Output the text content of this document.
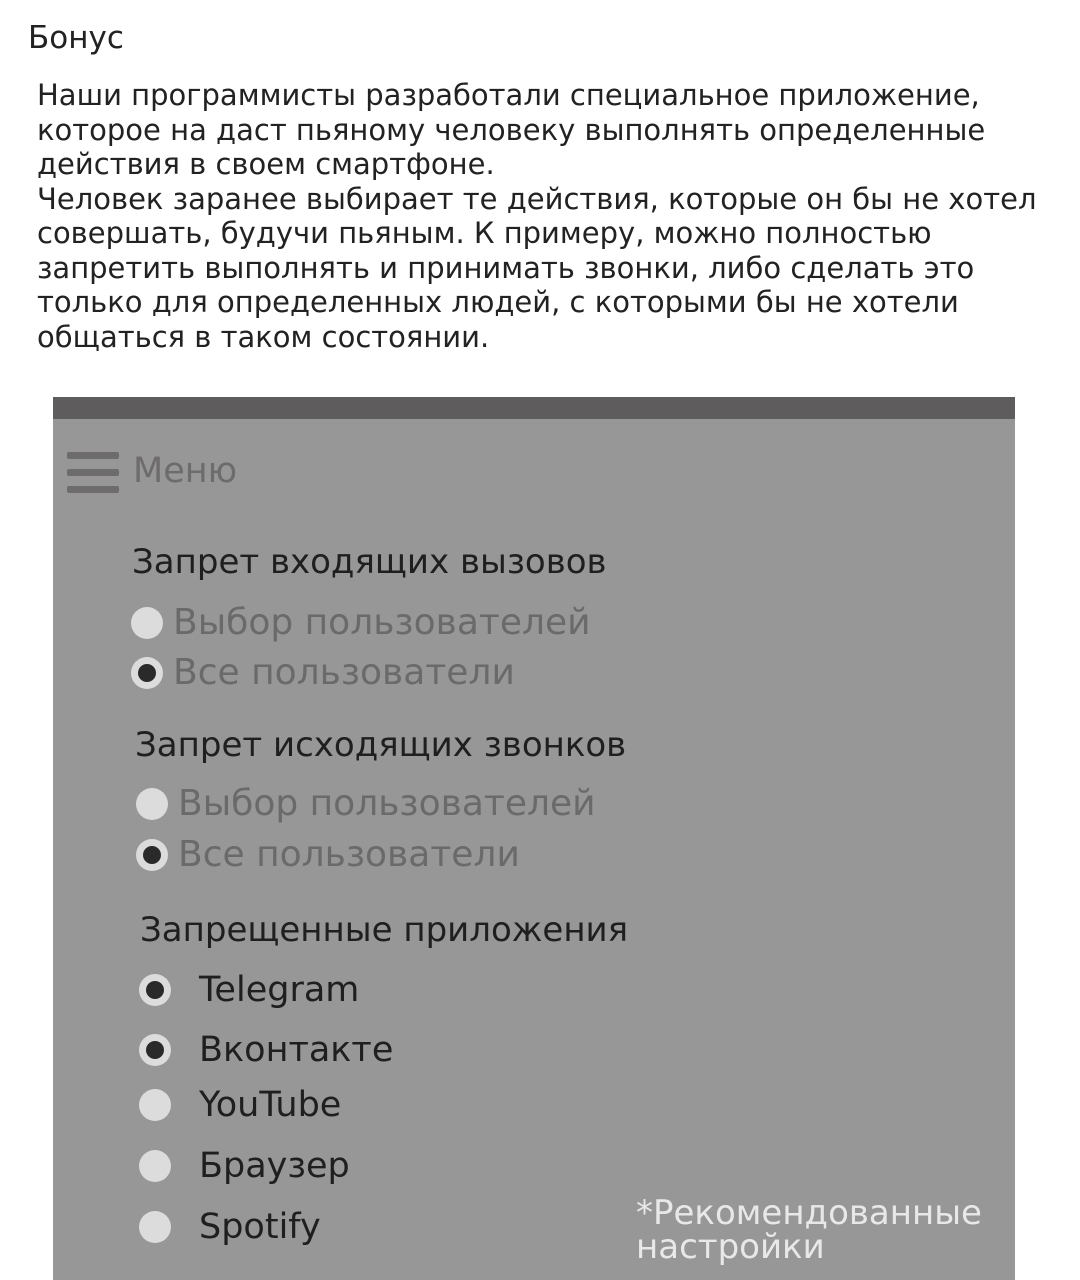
Бонус

Наши программисты разработали специальное приложение, которое на даст пьяному человеку выполнять определенные действия в своем смартфоне.

Человек заранее выбирает те действия, которые он бы не хотел совершать, будучи пьяным. К примеру, можно полностью запретить выполнять и принимать звонки, либо сделать это только для определенных людей, с которыми бы не хотели общаться в таком состоянии.

Меню
Запрет входящих вызовов
Выбор пользователей
Все пользователи
Запрет исходящих звонков
Выбор пользователей
Все пользователи
Запрещенные приложения
Telegram
Вконтакте
YouTube
Браузер
Spotify	*Рекомендованные настройки
